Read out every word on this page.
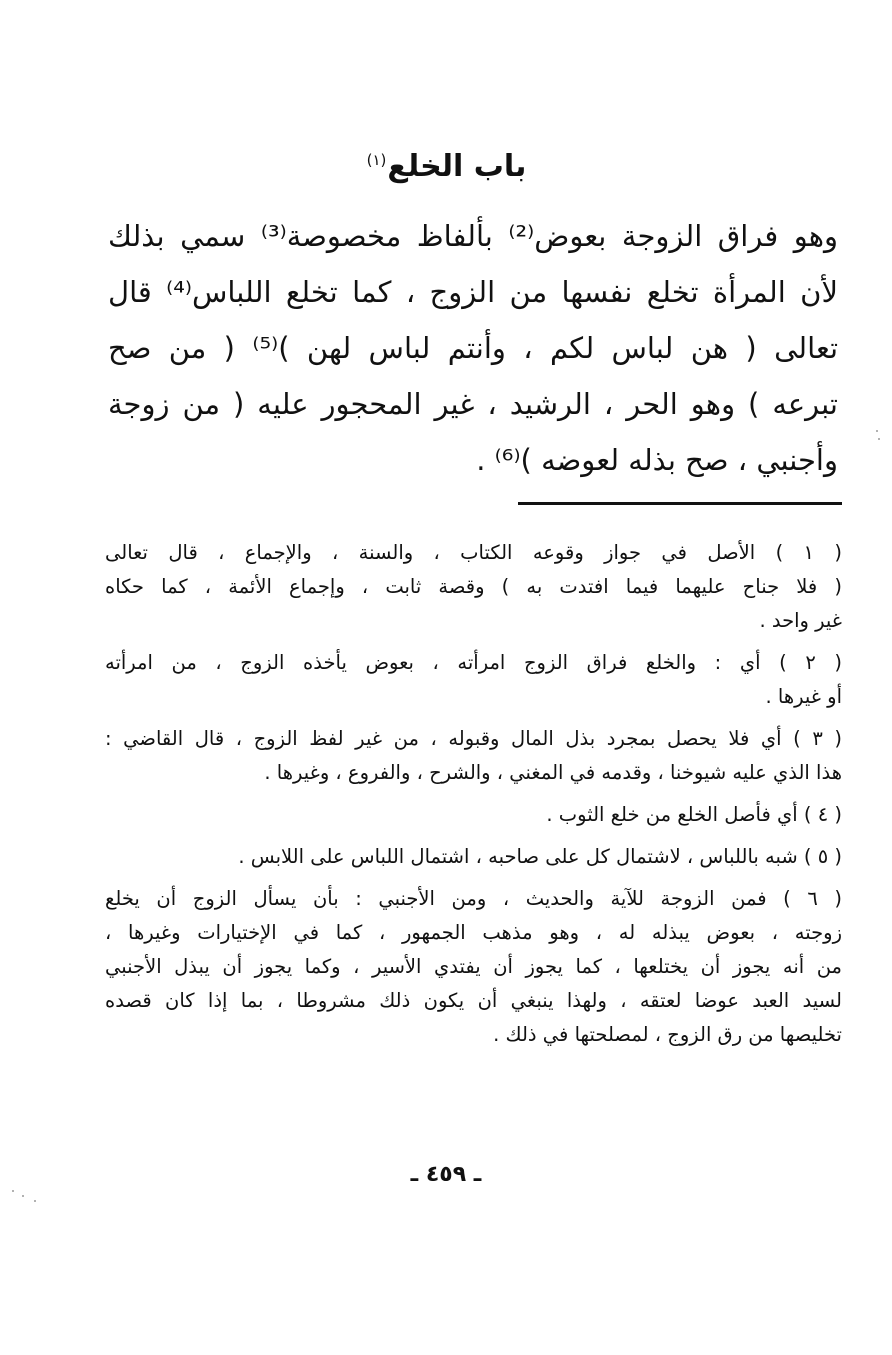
باب الخلع$^{(١)}$
وهو فراق الزوجة بعوض⁽²⁾ بألفاظ مخصوصة⁽³⁾ سمي بذلك
لأن المرأة تخلع نفسها من الزوج ، كما تخلع اللباس⁽⁴⁾ قال
تعالى ( هن لباس لكم ، وأنتم لباس لهن )⁽⁵⁾ ( من صح
تبرعه ) وهو الحر ، الرشيد ، غير المحجور عليه ( من زوجة
وأجنبي ، صح بذله لعوضه )⁽⁶⁾ .
( ١ ) الأصل في جواز وقوعه الكتاب ، والسنة ، والإجماع ، قال تعالى
( فلا جناح عليهما فيما افتدت به ) وقصة ثابت ، وإجماع الأئمة ، كما حكاه
غير واحد .
( ٢ ) أي : والخلع فراق الزوج امرأته ، بعوض يأخذه الزوج ، من امرأته
أو غيرها .
( ٣ ) أي فلا يحصل بمجرد بذل المال وقبوله ، من غير لفظ الزوج ، قال القاضي :
هذا الذي عليه شيوخنا ، وقدمه في المغني ، والشرح ، والفروع ، وغيرها .
( ٤ ) أي فأصل الخلع من خلع الثوب .
( ٥ ) شبه باللباس ، لاشتمال كل على صاحبه ، اشتمال اللباس على اللابس .
( ٦ ) فمن الزوجة للآية والحديث ، ومن الأجنبي : بأن يسأل الزوج أن يخلع
زوجته ، بعوض يبذله له ، وهو مذهب الجمهور ، كما في الإختيارات وغيرها ،
من أنه يجوز أن يختلعها ، كما يجوز أن يفتدي الأسير ، وكما يجوز أن يبذل الأجنبي
لسيد العبد عوضا لعتقه ، ولهذا ينبغي أن يكون ذلك مشروطا ، بما إذا كان قصده
تخليصها من رق الزوج ، لمصلحتها في ذلك .
ـ ٤٥٩ ـ
